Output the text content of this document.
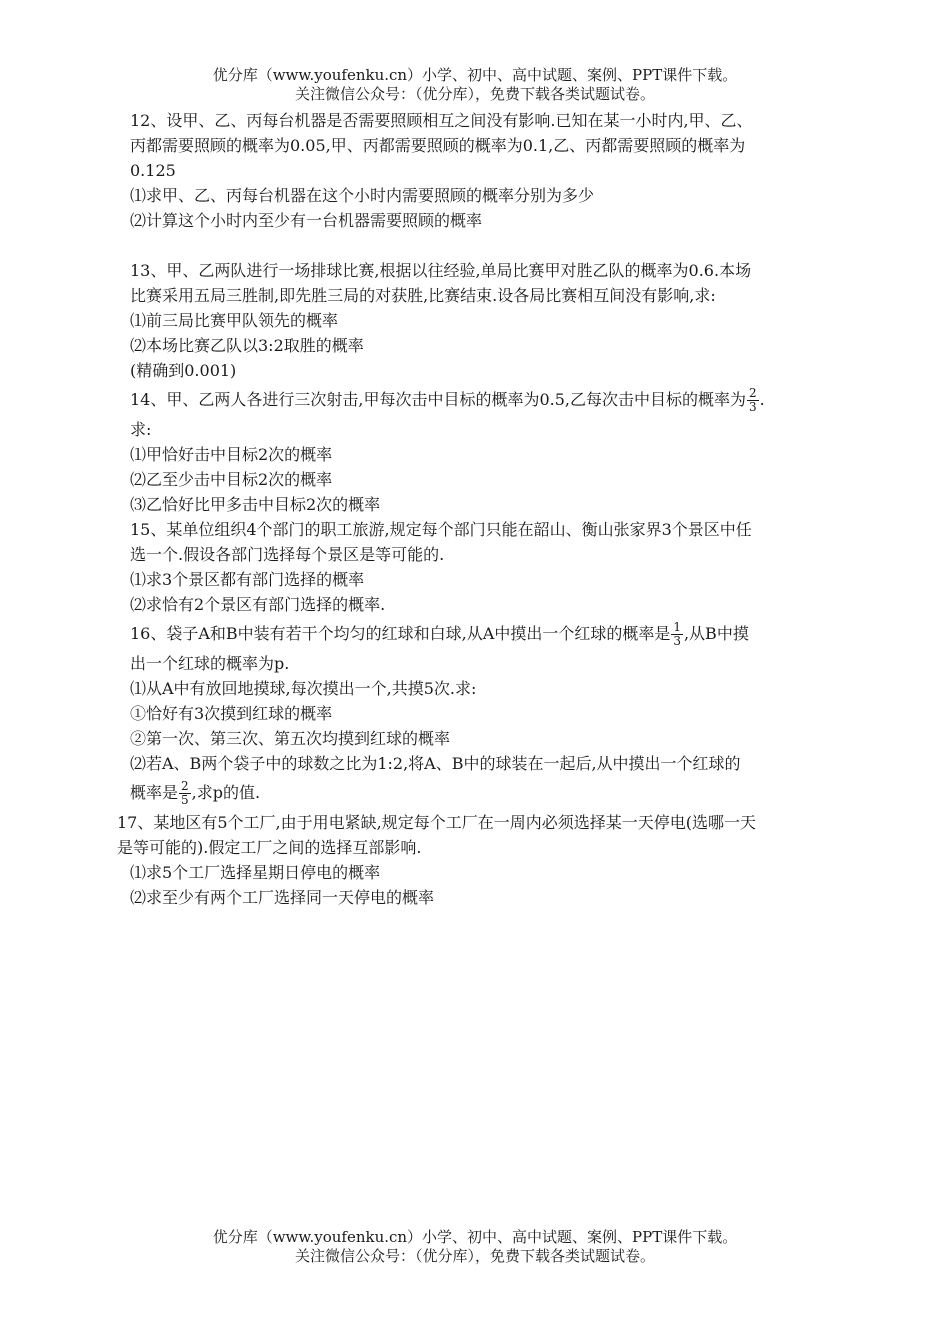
优分库（www.youfenku.cn）小学、初中、高中试题、案例、PPT课件下载。
关注微信公众号：（优分库），免费下载各类试题试卷。
12、设甲、乙、丙每台机器是否需要照顾相互之间没有影响.已知在某一小时内,甲、乙、
丙都需要照顾的概率为0.05,甲、丙都需要照顾的概率为0.1,乙、丙都需要照顾的概率为
0.125
⑴求甲、乙、丙每台机器在这个小时内需要照顾的概率分别为多少
⑵计算这个小时内至少有一台机器需要照顾的概率
13、甲、乙两队进行一场排球比赛,根据以往经验,单局比赛甲对胜乙队的概率为0.6.本场
比赛采用五局三胜制,即先胜三局的对获胜,比赛结束.设各局比赛相互间没有影响,求:
⑴前三局比赛甲队领先的概率
⑵本场比赛乙队以3:2取胜的概率
(精确到0.001)
14、甲、乙两人各进行三次射击,甲每次击中目标的概率为0.5,乙每次击中目标的概率为 $\frac{2}{3}$ .
求:
⑴甲恰好击中目标2次的概率
⑵乙至少击中目标2次的概率
⑶乙恰好比甲多击中目标2次的概率
15、某单位组织4个部门的职工旅游,规定每个部门只能在韶山、衡山张家界3个景区中任
选一个.假设各部门选择每个景区是等可能的.
⑴求3个景区都有部门选择的概率
⑵求恰有2个景区有部门选择的概率.
16、袋子A和B中装有若干个均匀的红球和白球,从A中摸出一个红球的概率是 $\frac{1}{3}$ ,从B中摸
出一个红球的概率为p.
⑴从A中有放回地摸球,每次摸出一个,共摸5次.求:
①恰好有3次摸到红球的概率
②第一次、第三次、第五次均摸到红球的概率
⑵若A、B两个袋子中的球数之比为1:2,将A、B中的球装在一起后,从中摸出一个红球的
概率是 $\frac{2}{5}$ ,求p的值.
17、某地区有5个工厂,由于用电紧缺,规定每个工厂在一周内必须选择某一天停电(选哪一天
是等可能的).假定工厂之间的选择互部影响.
⑴求5个工厂选择星期日停电的概率
⑵求至少有两个工厂选择同一天停电的概率
优分库（www.youfenku.cn）小学、初中、高中试题、案例、PPT课件下载。
关注微信公众号：（优分库），免费下载各类试题试卷。
